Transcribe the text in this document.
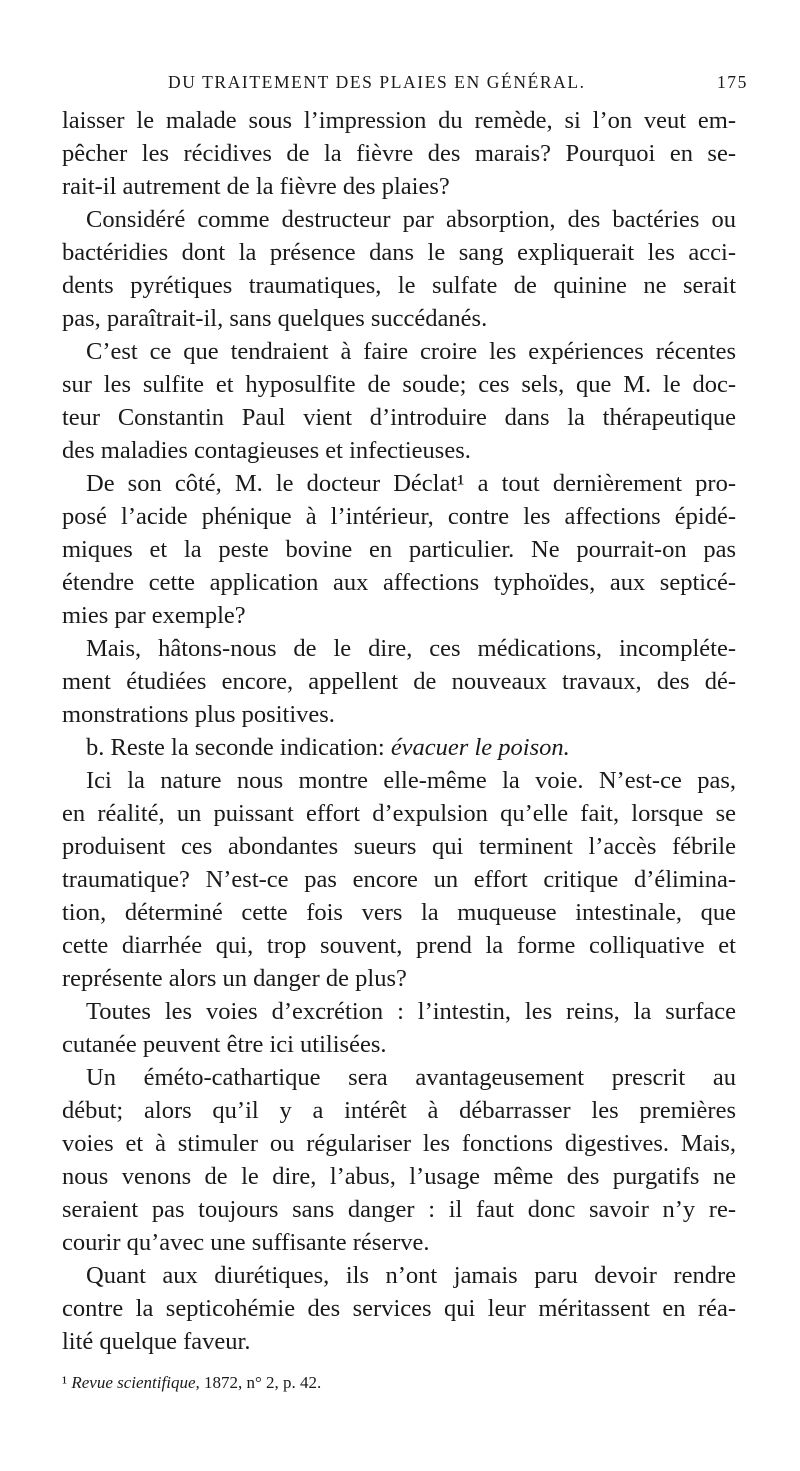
DU TRAITEMENT DES PLAIES EN GÉNÉRAL.	175
laisser le malade sous l’impression du remède, si l’on veut em-
pêcher les récidives de la fièvre des marais? Pourquoi en se-
rait-il autrement de la fièvre des plaies?
Considéré comme destructeur par absorption, des bactéries ou
bactéridies dont la présence dans le sang expliquerait les acci-
dents pyrétiques traumatiques, le sulfate de quinine ne serait
pas, paraîtrait-il, sans quelques succédanés.
C’est ce que tendraient à faire croire les expériences récentes
sur les sulfite et hyposulfite de soude; ces sels, que M. le doc-
teur Constantin Paul vient d’introduire dans la thérapeutique
des maladies contagieuses et infectieuses.
De son côté, M. le docteur Déclat¹ a tout dernièrement pro-
posé l’acide phénique à l’intérieur, contre les affections épidé-
miques et la peste bovine en particulier. Ne pourrait-on pas
étendre cette application aux affections typhoïdes, aux septicé-
mies par exemple?
Mais, hâtons-nous de le dire, ces médications, incompléte-
ment étudiées encore, appellent de nouveaux travaux, des dé-
monstrations plus positives.
b. Reste la seconde indication: évacuer le poison.
Ici la nature nous montre elle-même la voie. N’est-ce pas,
en réalité, un puissant effort d’expulsion qu’elle fait, lorsque se
produisent ces abondantes sueurs qui terminent l’accès fébrile
traumatique? N’est-ce pas encore un effort critique d’élimina-
tion, déterminé cette fois vers la muqueuse intestinale, que
cette diarrhée qui, trop souvent, prend la forme colliquative et
représente alors un danger de plus?
Toutes les voies d’excrétion : l’intestin, les reins, la surface
cutanée peuvent être ici utilisées.
Un éméto-cathartique sera avantageusement prescrit au
début; alors qu’il y a intérêt à débarrasser les premières
voies et à stimuler ou régulariser les fonctions digestives. Mais,
nous venons de le dire, l’abus, l’usage même des purgatifs ne
seraient pas toujours sans danger : il faut donc savoir n’y re-
courir qu’avec une suffisante réserve.
Quant aux diurétiques, ils n’ont jamais paru devoir rendre
contre la septicohémie des services qui leur méritassent en réa-
lité quelque faveur.
¹ Revue scientifique, 1872, n° 2, p. 42.
